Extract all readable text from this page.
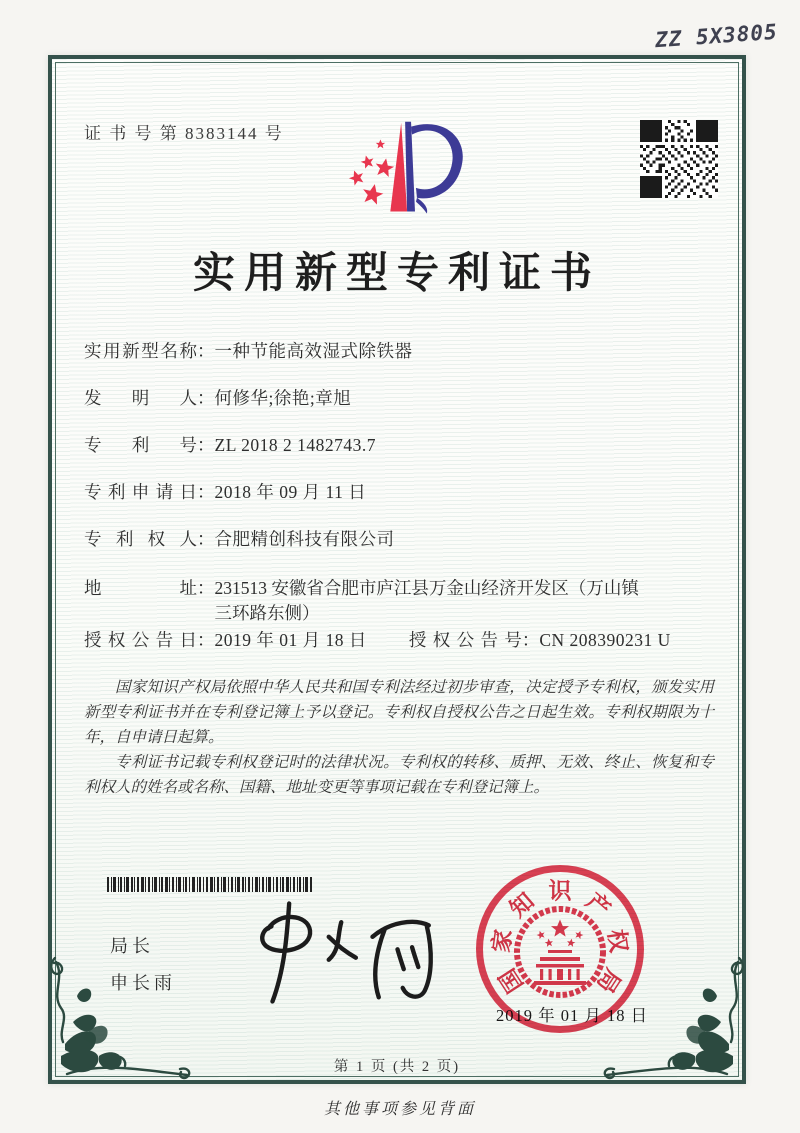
ZZ 5X3805
证 书 号 第 8383144 号
实用新型专利证书
实用新型名称：一种节能高效湿式除铁器
发明人：何修华;徐艳;章旭
专利号：ZL 2018 2 1482743.7
专利申请日：2018 年 09 月 11 日
专利权人：合肥精创科技有限公司
地址 ： 231513 安徽省合肥市庐江县万金山经济开发区（万山镇
三环路东侧）
授权公告日：2019 年 01 月 18 日 授权公告号：CN 208390231 U

国家知识产权局依照中华人民共和国专利法经过初步审查，决定授予专利权，颁发实用新型专利证书并在专利登记簿上予以登记。专利权自授权公告之日起生效。专利权期限为十年，自申请日起算。

专利证书记载专利权登记时的法律状况。专利权的转移、质押、无效、终止、恢复和专利权人的姓名或名称、国籍、地址变更等事项记载在专利登记簿上。

局长
申长雨
2019 年 01 月 18 日
国
家
知 识 产
权
局
第 1 页 (共 2 页)
其他事项参见背面
